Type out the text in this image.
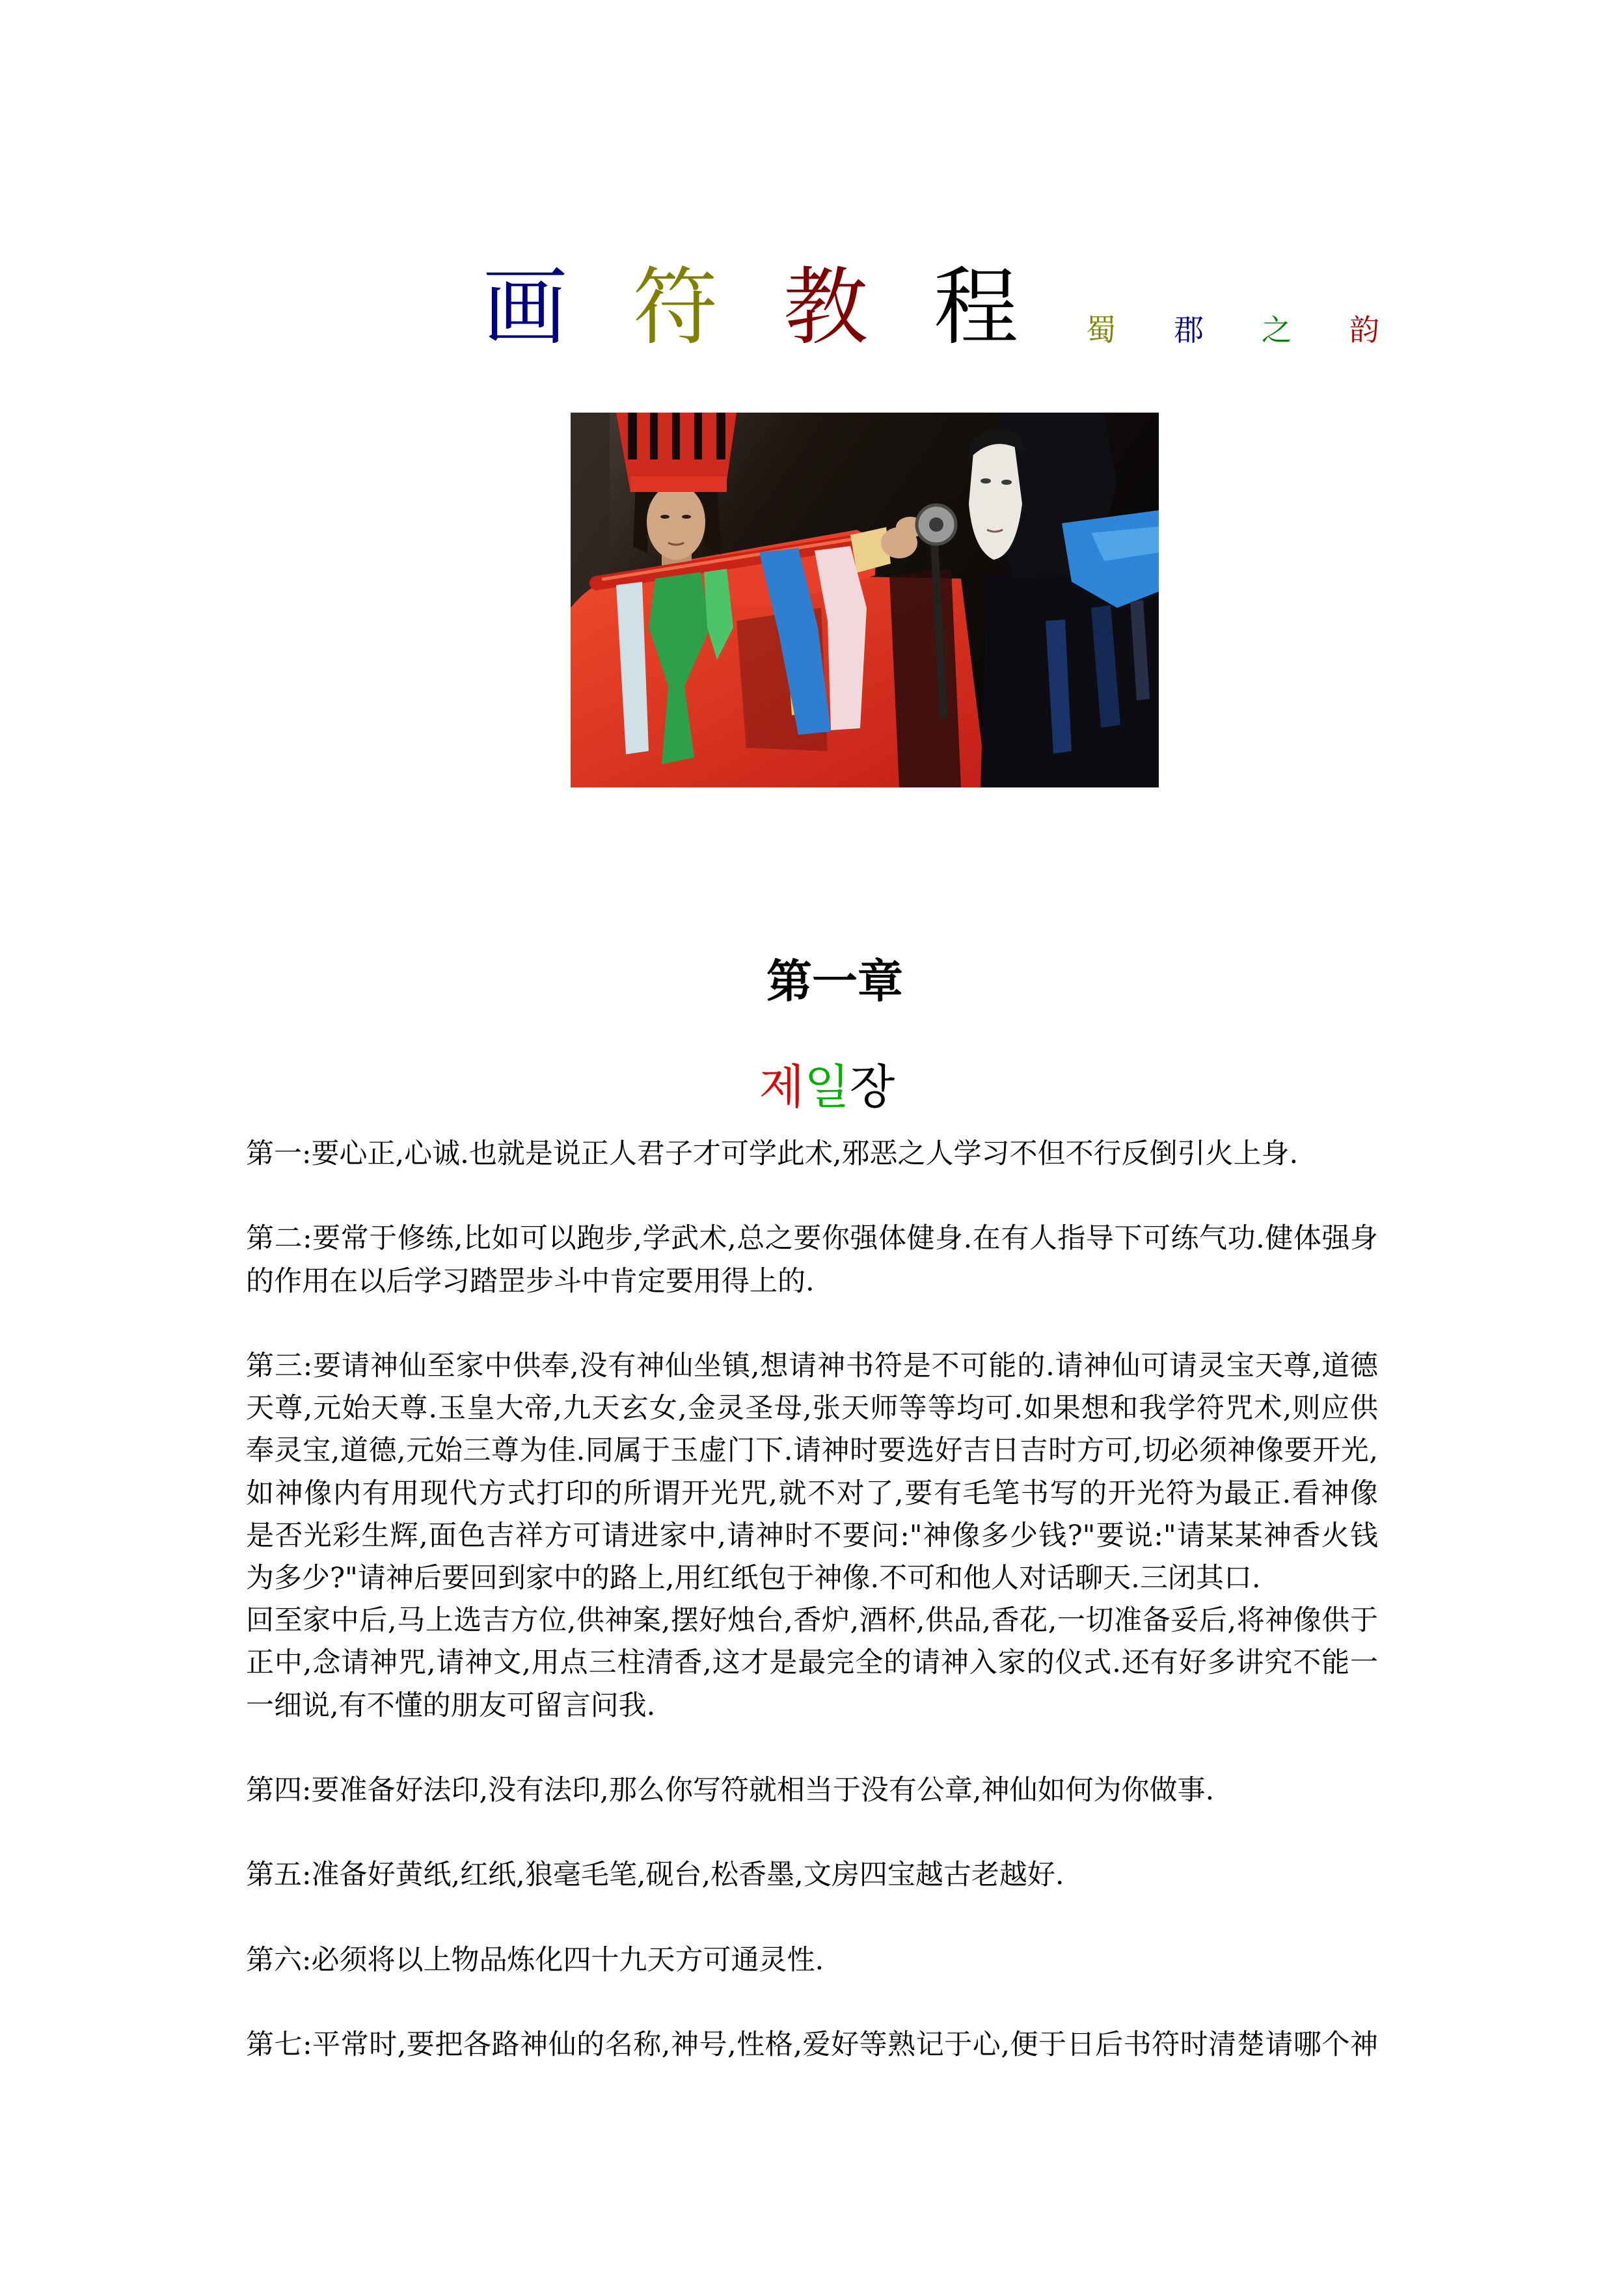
画 符 教 程 蜀 郡 之 韵
第一章
제일장
第一:要心正,心诚.也就是说正人君子才可学此术,邪恶之人学习不但不行反倒引火上身.
第二:要常于修练,比如可以跑步,学武术,总之要你强体健身.在有人指导下可练气功.健体强身
的作用在以后学习踏罡步斗中肯定要用得上的.
第三:要请神仙至家中供奉,没有神仙坐镇,想请神书符是不可能的.请神仙可请灵宝天尊,道德
天尊,元始天尊.玉皇大帝,九天玄女,金灵圣母,张天师等等均可.如果想和我学符咒术,则应供
奉灵宝,道德,元始三尊为佳.同属于玉虚门下.请神时要选好吉日吉时方可,切必须神像要开光,
如神像内有用现代方式打印的所谓开光咒,就不对了,要有毛笔书写的开光符为最正.看神像
是否光彩生辉,面色吉祥方可请进家中,请神时不要问:"神像多少钱?"要说:"请某某神香火钱
为多少?"请神后要回到家中的路上,用红纸包于神像.不可和他人对话聊天.三闭其口.
回至家中后,马上选吉方位,供神案,摆好烛台,香炉,酒杯,供品,香花,一切准备妥后,将神像供于
正中,念请神咒,请神文,用点三柱清香,这才是最完全的请神入家的仪式.还有好多讲究不能一
一细说,有不懂的朋友可留言问我.
第四:要准备好法印,没有法印,那么你写符就相当于没有公章,神仙如何为你做事.
第五:准备好黄纸,红纸,狼毫毛笔,砚台,松香墨,文房四宝越古老越好.
第六:必须将以上物品炼化四十九天方可通灵性.
第七:平常时,要把各路神仙的名称,神号,性格,爱好等熟记于心,便于日后书符时清楚请哪个神
